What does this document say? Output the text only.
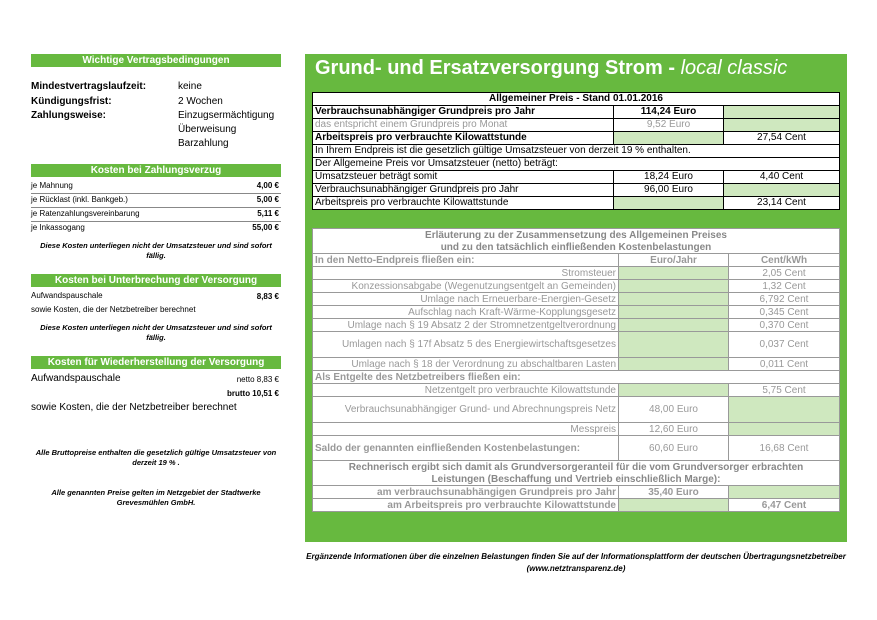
Wichtige Vertragsbedingungen
Mindestvertragslaufzeit:	keine
Kündigungsfrist:	2 Wochen
Zahlungsweise:	Einzugsermächtigung
Überweisung
Barzahlung
Kosten bei Zahlungsverzug
je Mahnung	4,00 €
je Rücklast (inkl. Bankgeb.)	5,00 €
je Ratenzahlungsvereinbarung	5,11 €
je Inkassogang	55,00 €
Diese Kosten unterliegen nicht der Umsatzsteuer und sind sofort fällig.
Kosten bei Unterbrechung der Versorgung
Aufwandspauschale	8,83 €
sowie Kosten, die der Netzbetreiber berechnet
Diese Kosten unterliegen nicht der Umsatzsteuer und sind sofort fällig.
Kosten für Wiederherstellung der Versorgung
Aufwandspauschale	netto 8,83 €
brutto 10,51 €
sowie Kosten, die der Netzbetreiber berechnet
Alle Bruttopreise enthalten die gesetzlich gültige Umsatzsteuer von derzeit 19 % .
Alle genannten Preise gelten im Netzgebiet der Stadtwerke Grevesmühlen GmbH.
Grund- und Ersatzversorgung Strom - local classic
Allgemeiner Preis - Stand 01.01.2016		
Verbrauchsunabhängiger Grundpreis pro Jahr	114,24 Euro	
das entspricht einem Grundpreis pro Monat	9,52 Euro	
Arbeitspreis pro verbrauchte Kilowattstunde		27,54 Cent
In Ihrem Endpreis ist die gesetzlich gültige Umsatzsteuer von derzeit 19 % enthalten.		
Der Allgemeine Preis vor Umsatzsteuer (netto) beträgt:		
Umsatzsteuer beträgt somit	18,24 Euro	4,40 Cent
Verbrauchsunabhängiger Grundpreis pro Jahr	96,00 Euro	
Arbeitspreis pro verbrauchte Kilowattstunde		23,14 Cent
Erläuterung zu der Zusammensetzung des Allgemeinen Preises		
und zu den tatsächlich einfließenden Kostenbelastungen		
In den Netto-Endpreis fließen ein:	Euro/Jahr	Cent/kWh
Stromsteuer		2,05 Cent
Konzessionsabgabe (Wegenutzungsentgelt an Gemeinden)		1,32 Cent
Umlage nach Erneuerbare-Energien-Gesetz		6,792 Cent
Aufschlag nach Kraft-Wärme-Kopplungsgesetz		0,345 Cent
Umlage nach § 19 Absatz 2 der Stromnetzentgeltverordnung		0,370 Cent
Umlagen nach § 17f Absatz 5 des Energiewirtschaftsgesetzes		0,037 Cent
Umlage nach § 18 der Verordnung zu abschaltbaren Lasten		0,011 Cent
Als Entgelte des Netzbetreibers fließen ein:		
Netzentgelt pro verbrauchte Kilowattstunde		5,75 Cent
Verbrauchsunabhängiger Grund- und Abrechnungspreis Netz	48,00 Euro	
Messpreis	12,60 Euro	
Saldo der genannten einfließenden Kostenbelastungen:	60,60 Euro	16,68 Cent
Rechnerisch ergibt sich damit als Grundversorgeranteil für die vom Grundversorger erbrachten		
Leistungen (Beschaffung und Vertrieb einschließlich Marge):		
am verbrauchsunabhängigen Grundpreis pro Jahr	35,40 Euro	
am Arbeitspreis pro verbrauchte Kilowattstunde		6,47 Cent
Ergänzende Informationen über die einzelnen Belastungen finden Sie auf der Informationsplattform der deutschen Übertragungsnetzbetreiber (www.netztransparenz.de)
